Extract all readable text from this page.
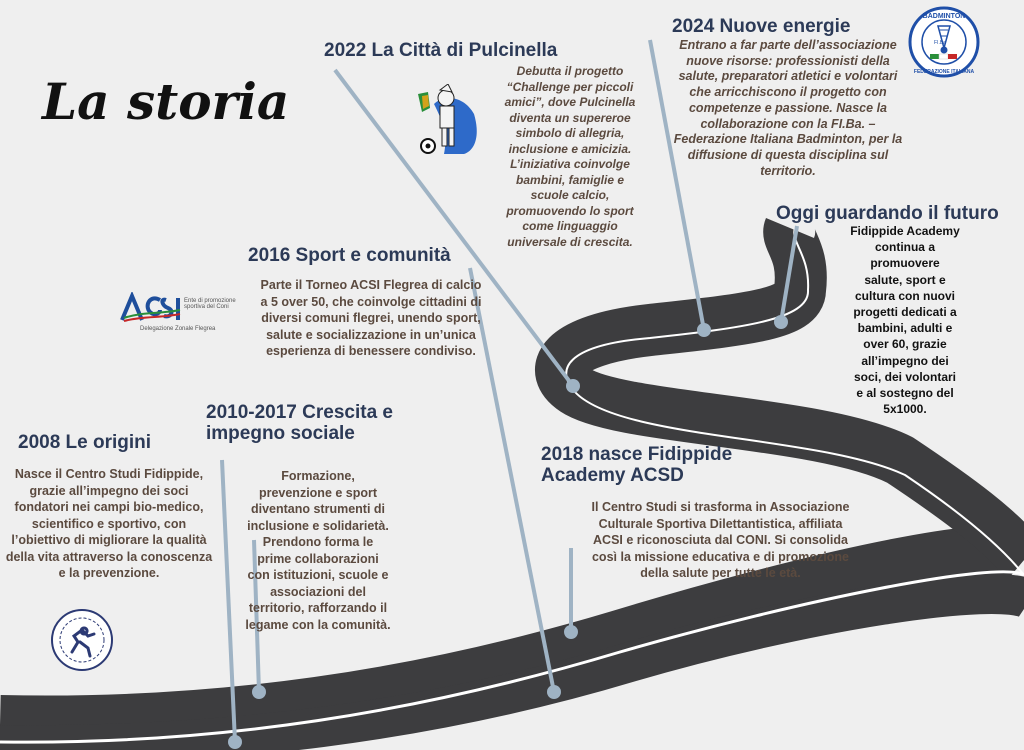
La storia
2008 Le origini
Nasce il Centro Studi Fidippide, grazie all’impegno dei soci fondatori nei campi bio-medico, scientifico e sportivo, con l’obiettivo di migliorare la qualità della vita attraverso la conoscenza e la prevenzione.
2010-2017 Crescita e impegno sociale
Formazione, prevenzione e sport diventano strumenti di inclusione e solidarietà. Prendono forma le prime collaborazioni con istituzioni, scuole e associazioni del territorio, rafforzando il legame con la comunità.
2016 Sport e comunità
Parte il Torneo ACSI Flegrea di calcio a 5 over 50, che coinvolge cittadini di diversi comuni flegrei, unendo sport, salute e socializzazione in un’unica esperienza di benessere condiviso.
2018 nasce Fidippide Academy ACSD
Il Centro Studi si trasforma in Associazione Culturale Sportiva Dilettantistica, affiliata ACSI e riconosciuta dal CONI. Si consolida così la missione educativa e di promozione della salute per tutte le età.
2022 La Città di Pulcinella
Debutta il progetto “Challenge per piccoli amici”, dove Pulcinella diventa un supereroe simbolo di allegria, inclusione e amicizia. L’iniziativa coinvolge bambini, famiglie e scuole calcio, promuovendo lo sport come linguaggio universale di crescita.
2024 Nuove energie
Entrano a far parte dell’associazione nuove risorse: professionisti della salute, preparatori atletici e volontari che arricchiscono il progetto con competenze e passione. Nasce la collaborazione con la FI.Ba. – Federazione Italiana Badminton, per la diffusione di questa disciplina sul territorio.
Oggi guardando il futuro
Fidippide Academy continua a promuovere salute, sport e cultura con nuovi progetti dedicati a bambini, adulti e over 60, grazie all’impegno dei soci, dei volontari e al sostegno del 5x1000.
Ente di promozione sportiva del Coni
Delegazione Zonale Flegrea
BADMINTON
FEDERAZIONE ITALIANA
FI.Ba
